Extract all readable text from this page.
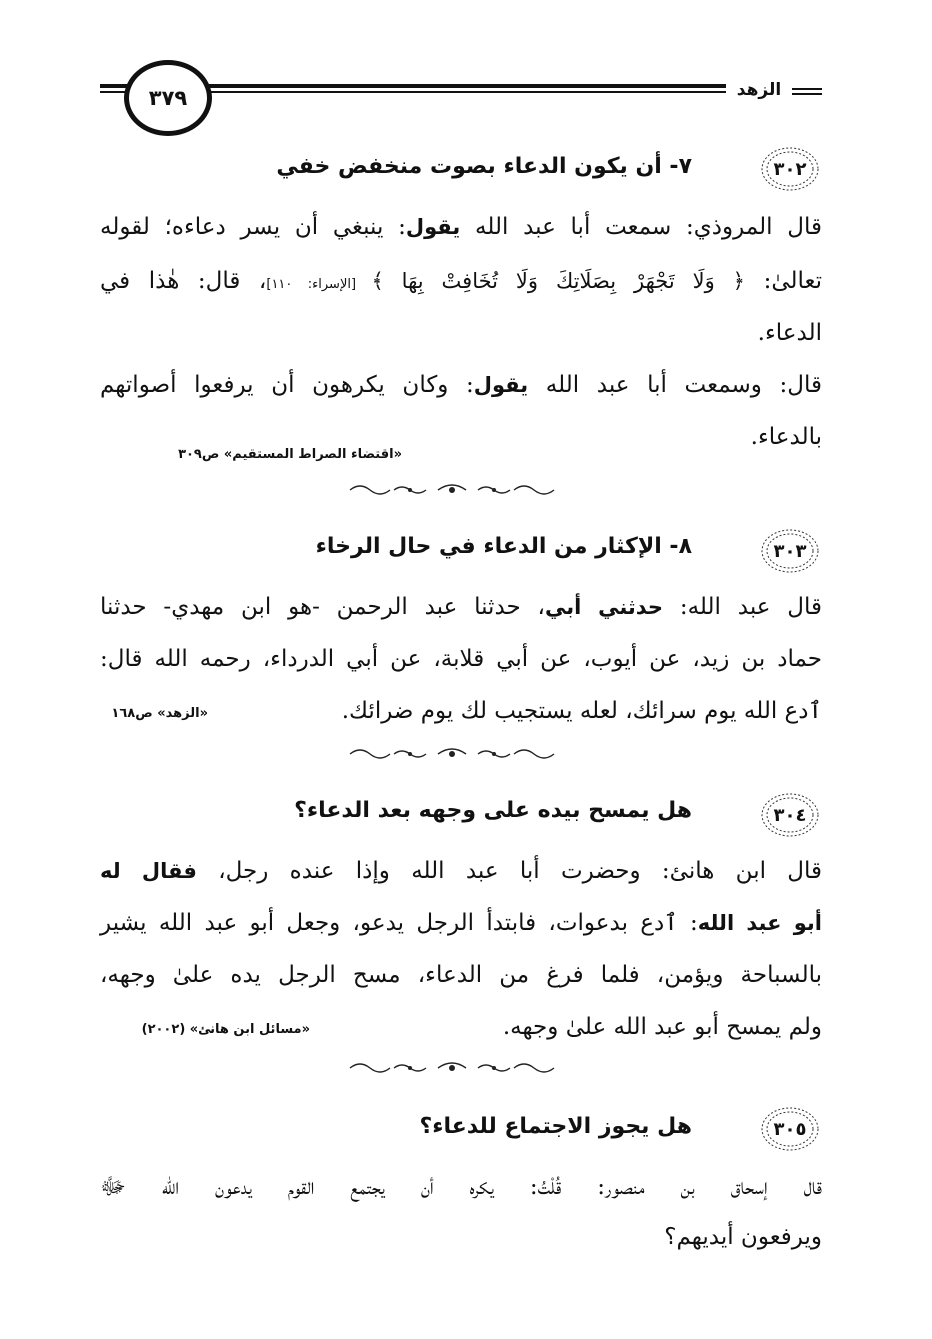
٣٧٩	الزهد
٣٠٢
٧- أن يكون الدعاء بصوت منخفض خفي
قال المروذي: سمعت أبا عبد الله يقول: ينبغي أن يسر دعاءه؛ لقوله
تعالىٰ: ﴿ وَلَا تَجْهَرْ بِصَلَاتِكَ وَلَا تُخَافِتْ بِهَا ﴾ [الإسراء: ١١٠]، قال: هٰذا في
الدعاء.
قال: وسمعت أبا عبد الله يقول: وكان يكرهون أن يرفعوا أصواتهم
بالدعاء.
«اقتضاء الصراط المستقيم» ص٣٠٩
٣٠٣
٨- الإكثار من الدعاء في حال الرخاء
قال عبد الله: حدثني أبي، حدثنا عبد الرحمن -هو ابن مهدي- حدثنا
حماد بن زيد، عن أيوب، عن أبي قلابة، عن أبي الدرداء، رحمه الله قال:
ٱدع الله يوم سرائك، لعله يستجيب لك يوم ضرائك.
«الزهد» ص١٦٨
٣٠٤
هل يمسح بيده على وجهه بعد الدعاء؟
قال ابن هانئ: وحضرت أبا عبد الله وإذا عنده رجل، فقال له
أبو عبد الله: ٱدع بدعوات، فابتدأ الرجل يدعو، وجعل أبو عبد الله يشير
بالسباحة ويؤمن، فلما فرغ من الدعاء، مسح الرجل يده علىٰ وجهه،
ولم يمسح أبو عبد الله علىٰ وجهه.
«مسائل ابن هانئ» (٢٠٠٢)
٣٠٥
هل يجوز الاجتماع للدعاء؟
قال إسحاق بن منصور: قُلْتُ: يكره أن يجتمع القوم يدعون الله ﷻ
ويرفعون أيديهم؟
